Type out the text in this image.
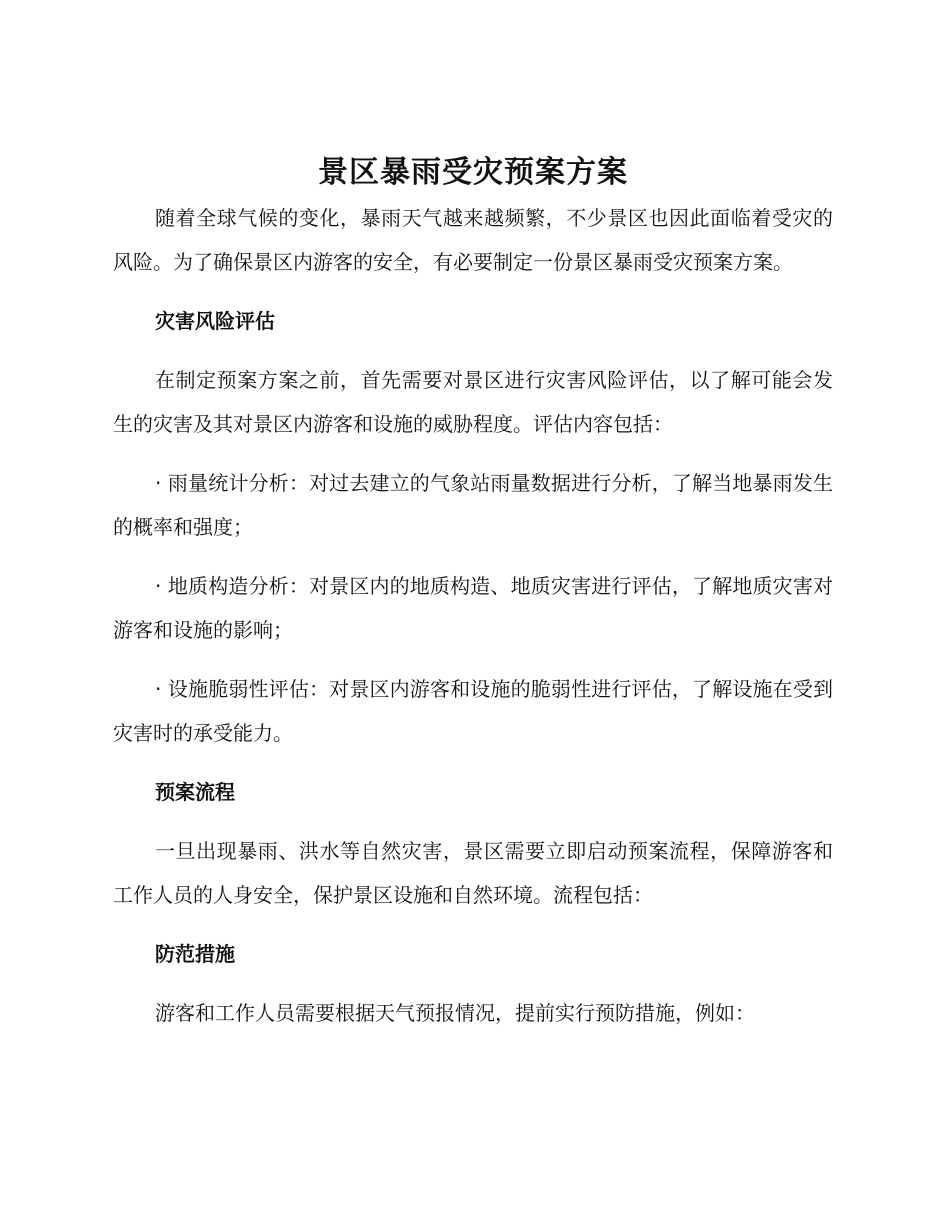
景区暴雨受灾预案方案

随着全球气候的变化，暴雨天气越来越频繁，不少景区也因此面临着受灾的风险。为了确保景区内游客的安全，有必要制定一份景区暴雨受灾预案方案。

灾害风险评估

在制定预案方案之前，首先需要对景区进行灾害风险评估，以了解可能会发生的灾害及其对景区内游客和设施的威胁程度。评估内容包括：

· 雨量统计分析：对过去建立的气象站雨量数据进行分析，了解当地暴雨发生的概率和强度；

· 地质构造分析：对景区内的地质构造、地质灾害进行评估，了解地质灾害对游客和设施的影响；

· 设施脆弱性评估：对景区内游客和设施的脆弱性进行评估，了解设施在受到灾害时的承受能力。

预案流程

一旦出现暴雨、洪水等自然灾害，景区需要立即启动预案流程，保障游客和工作人员的人身安全，保护景区设施和自然环境。流程包括：

防范措施

游客和工作人员需要根据天气预报情况，提前实行预防措施，例如：
